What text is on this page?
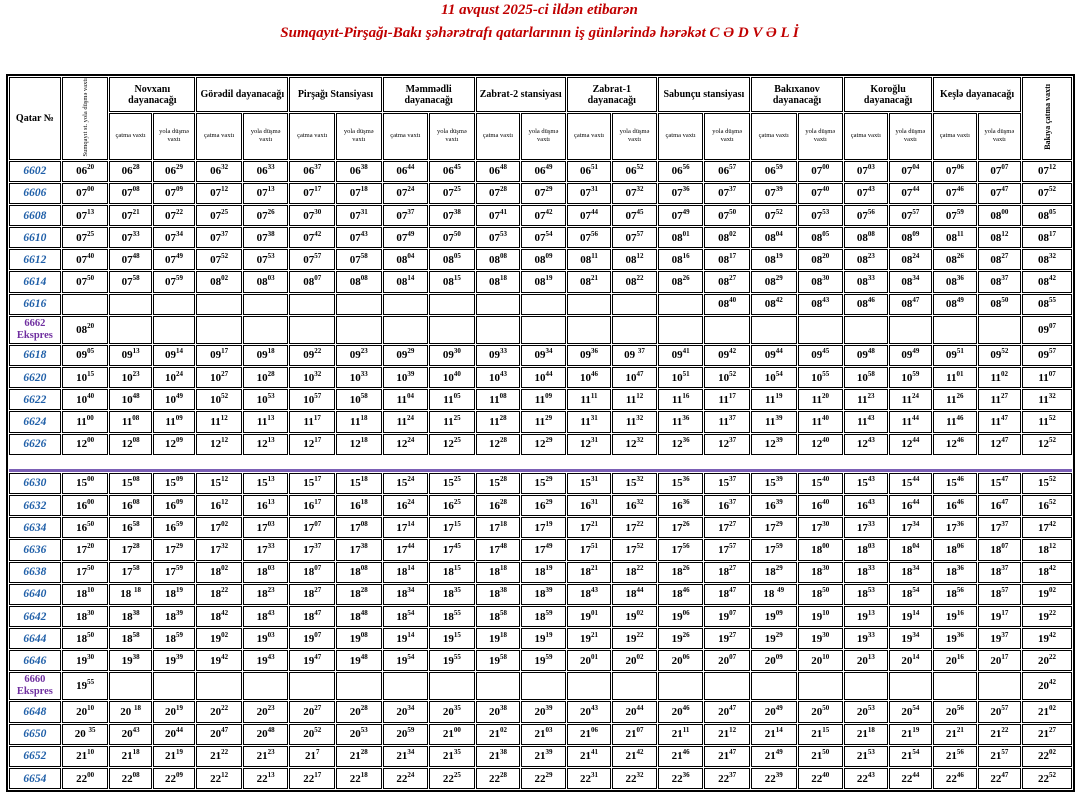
11 avqust 2025-ci ildən etibarən
Sumqayıt-Pirşağı-Bakı şəhərətrafı qatarlarının iş günlərində hərəkət C Ə D V Ə L İ
Qatar №	Sumqayıt st. yola düşmə vaxtı	Novxanı dayanacağı		Görədil dayanacağı		Pirşağı Stansiyası		Məmmədli dayanacağı		Zabrat-2 stansiyası		Zabrat-1 dayanacağı		Sabunçu stansiyası		Bakıxanov dayanacağı		Koroğlu dayanacağı		Keşlə dayanacağı		Bakıya çatma vaxtı
		çatma vaxtı	yola düşmə vaxtı	çatma vaxtı	yola düşmə vaxtı	çatma vaxtı	yola düşmə vaxtı	çatma vaxtı	yola düşmə vaxtı	çatma vaxtı	yola düşmə vaxtı	çatma vaxtı	yola düşmə vaxtı	çatma vaxtı	yola düşmə vaxtı	çatma vaxtı	yola düşmə vaxtı	çatma vaxtı	yola düşmə vaxtı	çatma vaxtı	yola düşmə vaxtı	
6602	$06^{20}$	$06^{28}$	$06^{29}$	$06^{32}$	$06^{33}$	$06^{37}$	$06^{38}$	$06^{44}$	$06^{45}$	$06^{48}$	$06^{49}$	$06^{51}$	$06^{52}$	$06^{56}$	$06^{57}$	$06^{59}$	$07^{00}$	$07^{03}$	$07^{04}$	$07^{06}$	$07^{07}$	$07^{12}$
6606	$07^{00}$	$07^{08}$	$07^{09}$	$07^{12}$	$07^{13}$	$07^{17}$	$07^{18}$	$07^{24}$	$07^{25}$	$07^{28}$	$07^{29}$	$07^{31}$	$07^{32}$	$07^{36}$	$07^{37}$	$07^{39}$	$07^{40}$	$07^{43}$	$07^{44}$	$07^{46}$	$07^{47}$	$07^{52}$
6608	$07^{13}$	$07^{21}$	$07^{22}$	$07^{25}$	$07^{26}$	$07^{30}$	$07^{31}$	$07^{37}$	$07^{38}$	$07^{41}$	$07^{42}$	$07^{44}$	$07^{45}$	$07^{49}$	$07^{50}$	$07^{52}$	$07^{53}$	$07^{56}$	$07^{57}$	$07^{59}$	$08^{00}$	$08^{05}$
6610	$07^{25}$	$07^{33}$	$07^{34}$	$07^{37}$	$07^{38}$	$07^{42}$	$07^{43}$	$07^{49}$	$07^{50}$	$07^{53}$	$07^{54}$	$07^{56}$	$07^{57}$	$08^{01}$	$08^{02}$	$08^{04}$	$08^{05}$	$08^{08}$	$08^{09}$	$08^{11}$	$08^{12}$	$08^{17}$
6612	$07^{40}$	$07^{48}$	$07^{49}$	$07^{52}$	$07^{53}$	$07^{57}$	$07^{58}$	$08^{04}$	$08^{05}$	$08^{08}$	$08^{09}$	$08^{11}$	$08^{12}$	$08^{16}$	$08^{17}$	$08^{19}$	$08^{20}$	$08^{23}$	$08^{24}$	$08^{26}$	$08^{27}$	$08^{32}$
6614	$07^{50}$	$07^{58}$	$07^{59}$	$08^{02}$	$08^{03}$	$08^{07}$	$08^{08}$	$08^{14}$	$08^{15}$	$08^{18}$	$08^{19}$	$08^{21}$	$08^{22}$	$08^{26}$	$08^{27}$	$08^{29}$	$08^{30}$	$08^{33}$	$08^{34}$	$08^{36}$	$08^{37}$	$08^{42}$
6616															$08^{40}$	$08^{42}$	$08^{43}$	$08^{46}$	$08^{47}$	$08^{49}$	$08^{50}$	$08^{55}$
6662 Ekspres	$08^{20}$																					$09^{07}$
6618	$09^{05}$	$09^{13}$	$09^{14}$	$09^{17}$	$09^{18}$	$09^{22}$	$09^{23}$	$09^{29}$	$09^{30}$	$09^{33}$	$09^{34}$	$09^{36}$	09 $^{37}$	$09^{41}$	$09^{42}$	$09^{44}$	$09^{45}$	$09^{48}$	$09^{49}$	$09^{51}$	$09^{52}$	$09^{57}$
6620	$10^{15}$	$10^{23}$	$10^{24}$	$10^{27}$	$10^{28}$	$10^{32}$	$10^{33}$	$10^{39}$	$10^{40}$	$10^{43}$	$10^{44}$	$10^{46}$	$10^{47}$	$10^{51}$	$10^{52}$	$10^{54}$	$10^{55}$	$10^{58}$	$10^{59}$	$11^{01}$	$11^{02}$	$11^{07}$
6622	$10^{40}$	$10^{48}$	$10^{49}$	$10^{52}$	$10^{53}$	$10^{57}$	$10^{58}$	$11^{04}$	$11^{05}$	$11^{08}$	$11^{09}$	$11^{11}$	$11^{12}$	$11^{16}$	$11^{17}$	$11^{19}$	$11^{20}$	$11^{23}$	$11^{24}$	$11^{26}$	$11^{27}$	$11^{32}$
6624	$11^{00}$	$11^{08}$	$11^{09}$	$11^{12}$	$11^{13}$	$11^{17}$	$11^{18}$	$11^{24}$	$11^{25}$	$11^{28}$	$11^{29}$	$11^{31}$	$11^{32}$	$11^{36}$	$11^{37}$	$11^{39}$	$11^{40}$	$11^{43}$	$11^{44}$	$11^{46}$	$11^{47}$	$11^{52}$
6626	$12^{00}$	$12^{08}$	$12^{09}$	$12^{12}$	$12^{13}$	$12^{17}$	$12^{18}$	$12^{24}$	$12^{25}$	$12^{28}$	$12^{29}$	$12^{31}$	$12^{32}$	$12^{36}$	$12^{37}$	$12^{39}$	$12^{40}$	$12^{43}$	$12^{44}$	$12^{46}$	$12^{47}$	$12^{52}$

6630	$15^{00}$	$15^{08}$	$15^{09}$	$15^{12}$	$15^{13}$	$15^{17}$	$15^{18}$	$15^{24}$	$15^{25}$	$15^{28}$	$15^{29}$	$15^{31}$	$15^{32}$	$15^{36}$	$15^{37}$	$15^{39}$	$15^{40}$	$15^{43}$	$15^{44}$	$15^{46}$	$15^{47}$	$15^{52}$
6632	$16^{00}$	$16^{08}$	$16^{09}$	$16^{12}$	$16^{13}$	$16^{17}$	$16^{18}$	$16^{24}$	$16^{25}$	$16^{28}$	$16^{29}$	$16^{31}$	$16^{32}$	$16^{36}$	$16^{37}$	$16^{39}$	$16^{40}$	$16^{43}$	$16^{44}$	$16^{46}$	$16^{47}$	$16^{52}$
6634	$16^{50}$	$16^{58}$	$16^{59}$	$17^{02}$	$17^{03}$	$17^{07}$	$17^{08}$	$17^{14}$	$17^{15}$	$17^{18}$	$17^{19}$	$17^{21}$	$17^{22}$	$17^{26}$	$17^{27}$	$17^{29}$	$17^{30}$	$17^{33}$	$17^{34}$	$17^{36}$	$17^{37}$	$17^{42}$
6636	$17^{20}$	$17^{28}$	$17^{29}$	$17^{32}$	$17^{33}$	$17^{37}$	$17^{38}$	$17^{44}$	$17^{45}$	$17^{48}$	$17^{49}$	$17^{51}$	$17^{52}$	$17^{56}$	$17^{57}$	$17^{59}$	$18^{00}$	$18^{03}$	$18^{04}$	$18^{06}$	$18^{07}$	$18^{12}$
6638	$17^{50}$	$17^{58}$	$17^{59}$	$18^{02}$	$18^{03}$	$18^{07}$	$18^{08}$	$18^{14}$	$18^{15}$	$18^{18}$	$18^{19}$	$18^{21}$	$18^{22}$	$18^{26}$	$18^{27}$	$18^{29}$	$18^{30}$	$18^{33}$	$18^{34}$	$18^{36}$	$18^{37}$	$18^{42}$
6640	$18^{10}$	18 $^{18}$	$18^{19}$	$18^{22}$	$18^{23}$	$18^{27}$	$18^{28}$	$18^{34}$	$18^{35}$	$18^{38}$	$18^{39}$	$18^{43}$	$18^{44}$	$18^{46}$	$18^{47}$	18 $^{49}$	$18^{50}$	$18^{53}$	$18^{54}$	$18^{56}$	$18^{57}$	$19^{02}$
6642	$18^{30}$	$18^{38}$	$18^{39}$	$18^{42}$	$18^{43}$	$18^{47}$	$18^{48}$	$18^{54}$	$18^{55}$	$18^{58}$	$18^{59}$	$19^{01}$	$19^{02}$	$19^{06}$	$19^{07}$	$19^{09}$	$19^{10}$	$19^{13}$	$19^{14}$	$19^{16}$	$19^{17}$	$19^{22}$
6644	$18^{50}$	$18^{58}$	$18^{59}$	$19^{02}$	$19^{03}$	$19^{07}$	$19^{08}$	$19^{14}$	$19^{15}$	$19^{18}$	$19^{19}$	$19^{21}$	$19^{22}$	$19^{26}$	$19^{27}$	$19^{29}$	$19^{30}$	$19^{33}$	$19^{34}$	$19^{36}$	$19^{37}$	$19^{42}$
6646	$19^{30}$	$19^{38}$	$19^{39}$	$19^{42}$	$19^{43}$	$19^{47}$	$19^{48}$	$19^{54}$	$19^{55}$	$19^{58}$	$19^{59}$	$20^{01}$	$20^{02}$	$20^{06}$	$20^{07}$	$20^{09}$	$20^{10}$	$20^{13}$	$20^{14}$	$20^{16}$	$20^{17}$	$20^{22}$
6660 Ekspres	$19^{55}$																					$20^{42}$
6648	$20^{10}$	20 $^{18}$	$20^{19}$	$20^{22}$	$20^{23}$	$20^{27}$	$20^{28}$	$20^{34}$	$20^{35}$	$20^{38}$	$20^{39}$	$20^{43}$	$20^{44}$	$20^{46}$	$20^{47}$	$20^{49}$	$20^{50}$	$20^{53}$	$20^{54}$	$20^{56}$	$20^{57}$	$21^{02}$
6650	20 $^{35}$	$20^{43}$	$20^{44}$	$20^{47}$	$20^{48}$	$20^{52}$	$20^{53}$	$20^{59}$	$21^{00}$	$21^{02}$	$21^{03}$	$21^{06}$	$21^{07}$	$21^{11}$	$21^{12}$	$21^{14}$	$21^{15}$	$21^{18}$	$21^{19}$	$21^{21}$	$21^{22}$	$21^{27}$
6652	$21^{10}$	$21^{18}$	$21^{19}$	$21^{22}$	$21^{23}$	$21^7$	$21^{28}$	$21^{34}$	$21^{35}$	$21^{38}$	$21^{39}$	$21^{41}$	$21^{42}$	$21^{46}$	$21^{47}$	$21^{49}$	$21^{50}$	$21^{53}$	$21^{54}$	$21^{56}$	$21^{57}$	$22^{02}$
6654	$22^{00}$	$22^{08}$	$22^{09}$	$22^{12}$	$22^{13}$	$22^{17}$	$22^{18}$	$22^{24}$	$22^{25}$	$22^{28}$	$22^{29}$	$22^{31}$	$22^{32}$	$22^{36}$	$22^{37}$	$22^{39}$	$22^{40}$	$22^{43}$	$22^{44}$	$22^{46}$	$22^{47}$	$22^{52}$
